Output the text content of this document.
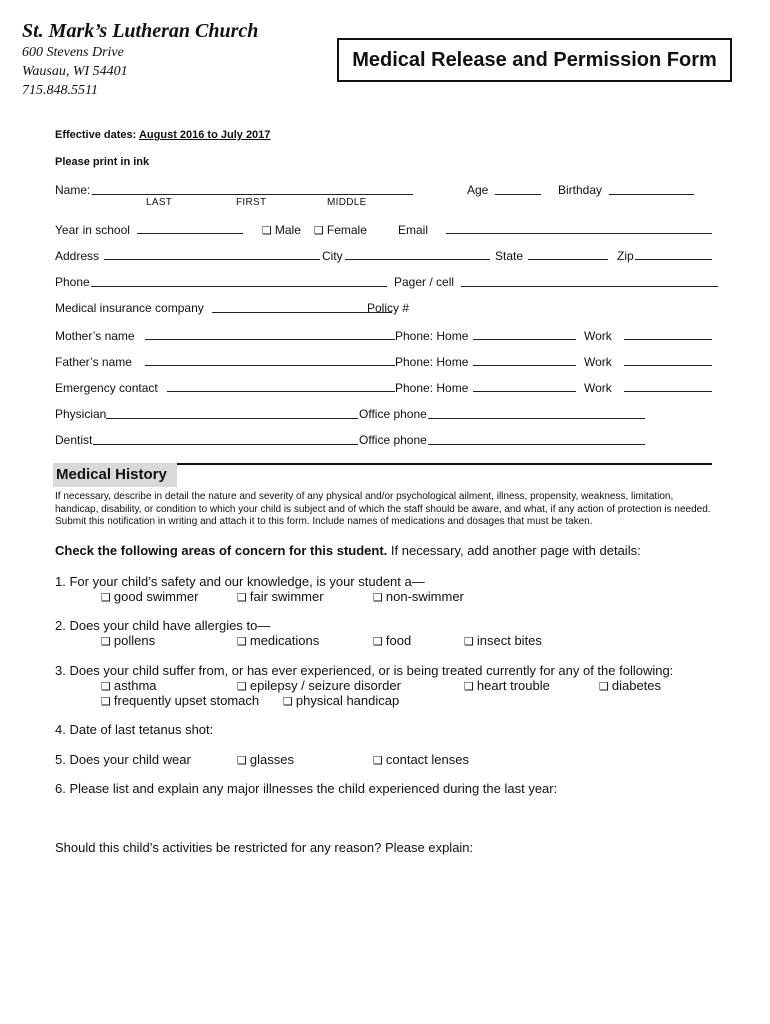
St. Mark’s Lutheran Church
600 Stevens Drive
Wausau, WI 54401
715.848.5511
Medical Release and Permission Form
Effective dates: August 2016 to July 2017
Please print in ink
Name:
LAST	FIRST	MIDDLE
Age	Birthday
Year in school	❑ Male ❑ Female	Email
Address	City	State	Zip
Phone	Pager / cell
Medical insurance company	Policy #
Mother’s name	Phone: Home	Work
Father’s name	Phone: Home	Work
Emergency contact	Phone: Home	Work
Physician	Office phone
Dentist	Office phone
Medical History
If necessary, describe in detail the nature and severity of any physical and/or psychological ailment, illness, propensity, weakness, limitation, handicap, disability, or condition to which your child is subject and of which the staff should be aware, and what, if any action of protection is needed. Submit this notification in writing and attach it to this form. Include names of medications and dosages that must be taken.
Check the following areas of concern for this student. If necessary, add another page with details:
1. For your child’s safety and our knowledge, is your student a—
❑ good swimmer	❑ fair swimmer	❑ non-swimmer
2. Does your child have allergies to—
❑ pollens	❑ medications	❑ food	❑ insect bites
3. Does your child suffer from, or has ever experienced, or is being treated currently for any of the following:
❑ asthma	❑ epilepsy / seizure disorder	❑ heart trouble	❑ diabetes
❑ frequently upset stomach ❑ physical handicap
4. Date of last tetanus shot:
5. Does your child wear	❑ glasses	❑ contact lenses
6. Please list and explain any major illnesses the child experienced during the last year:
Should this child’s activities be restricted for any reason? Please explain:
